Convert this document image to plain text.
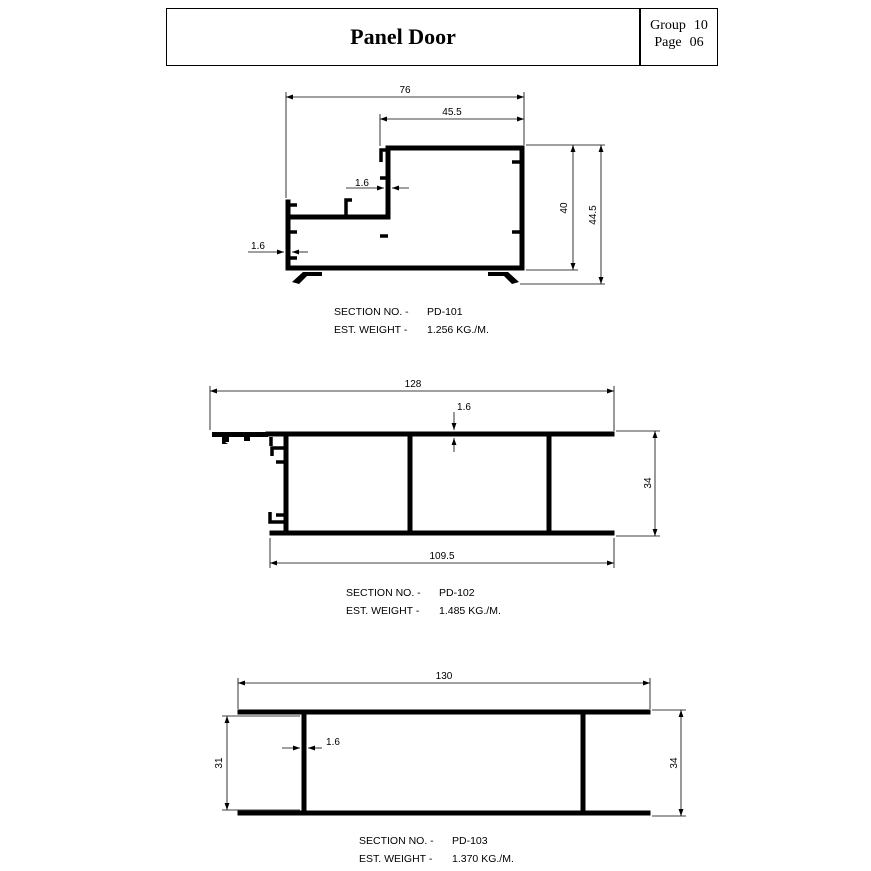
Panel Door	Group 10
Page 06
76
45.5
1.6
1.6
40 44.5
128
1.6
34
109.5
130
1.6
31	34
SECTION NO. - PD-101
EST. WEIGHT - 1.256 KG./M.
SECTION NO. - PD-102
EST. WEIGHT - 1.485 KG./M.
SECTION NO. - PD-103
EST. WEIGHT - 1.370 KG./M.
